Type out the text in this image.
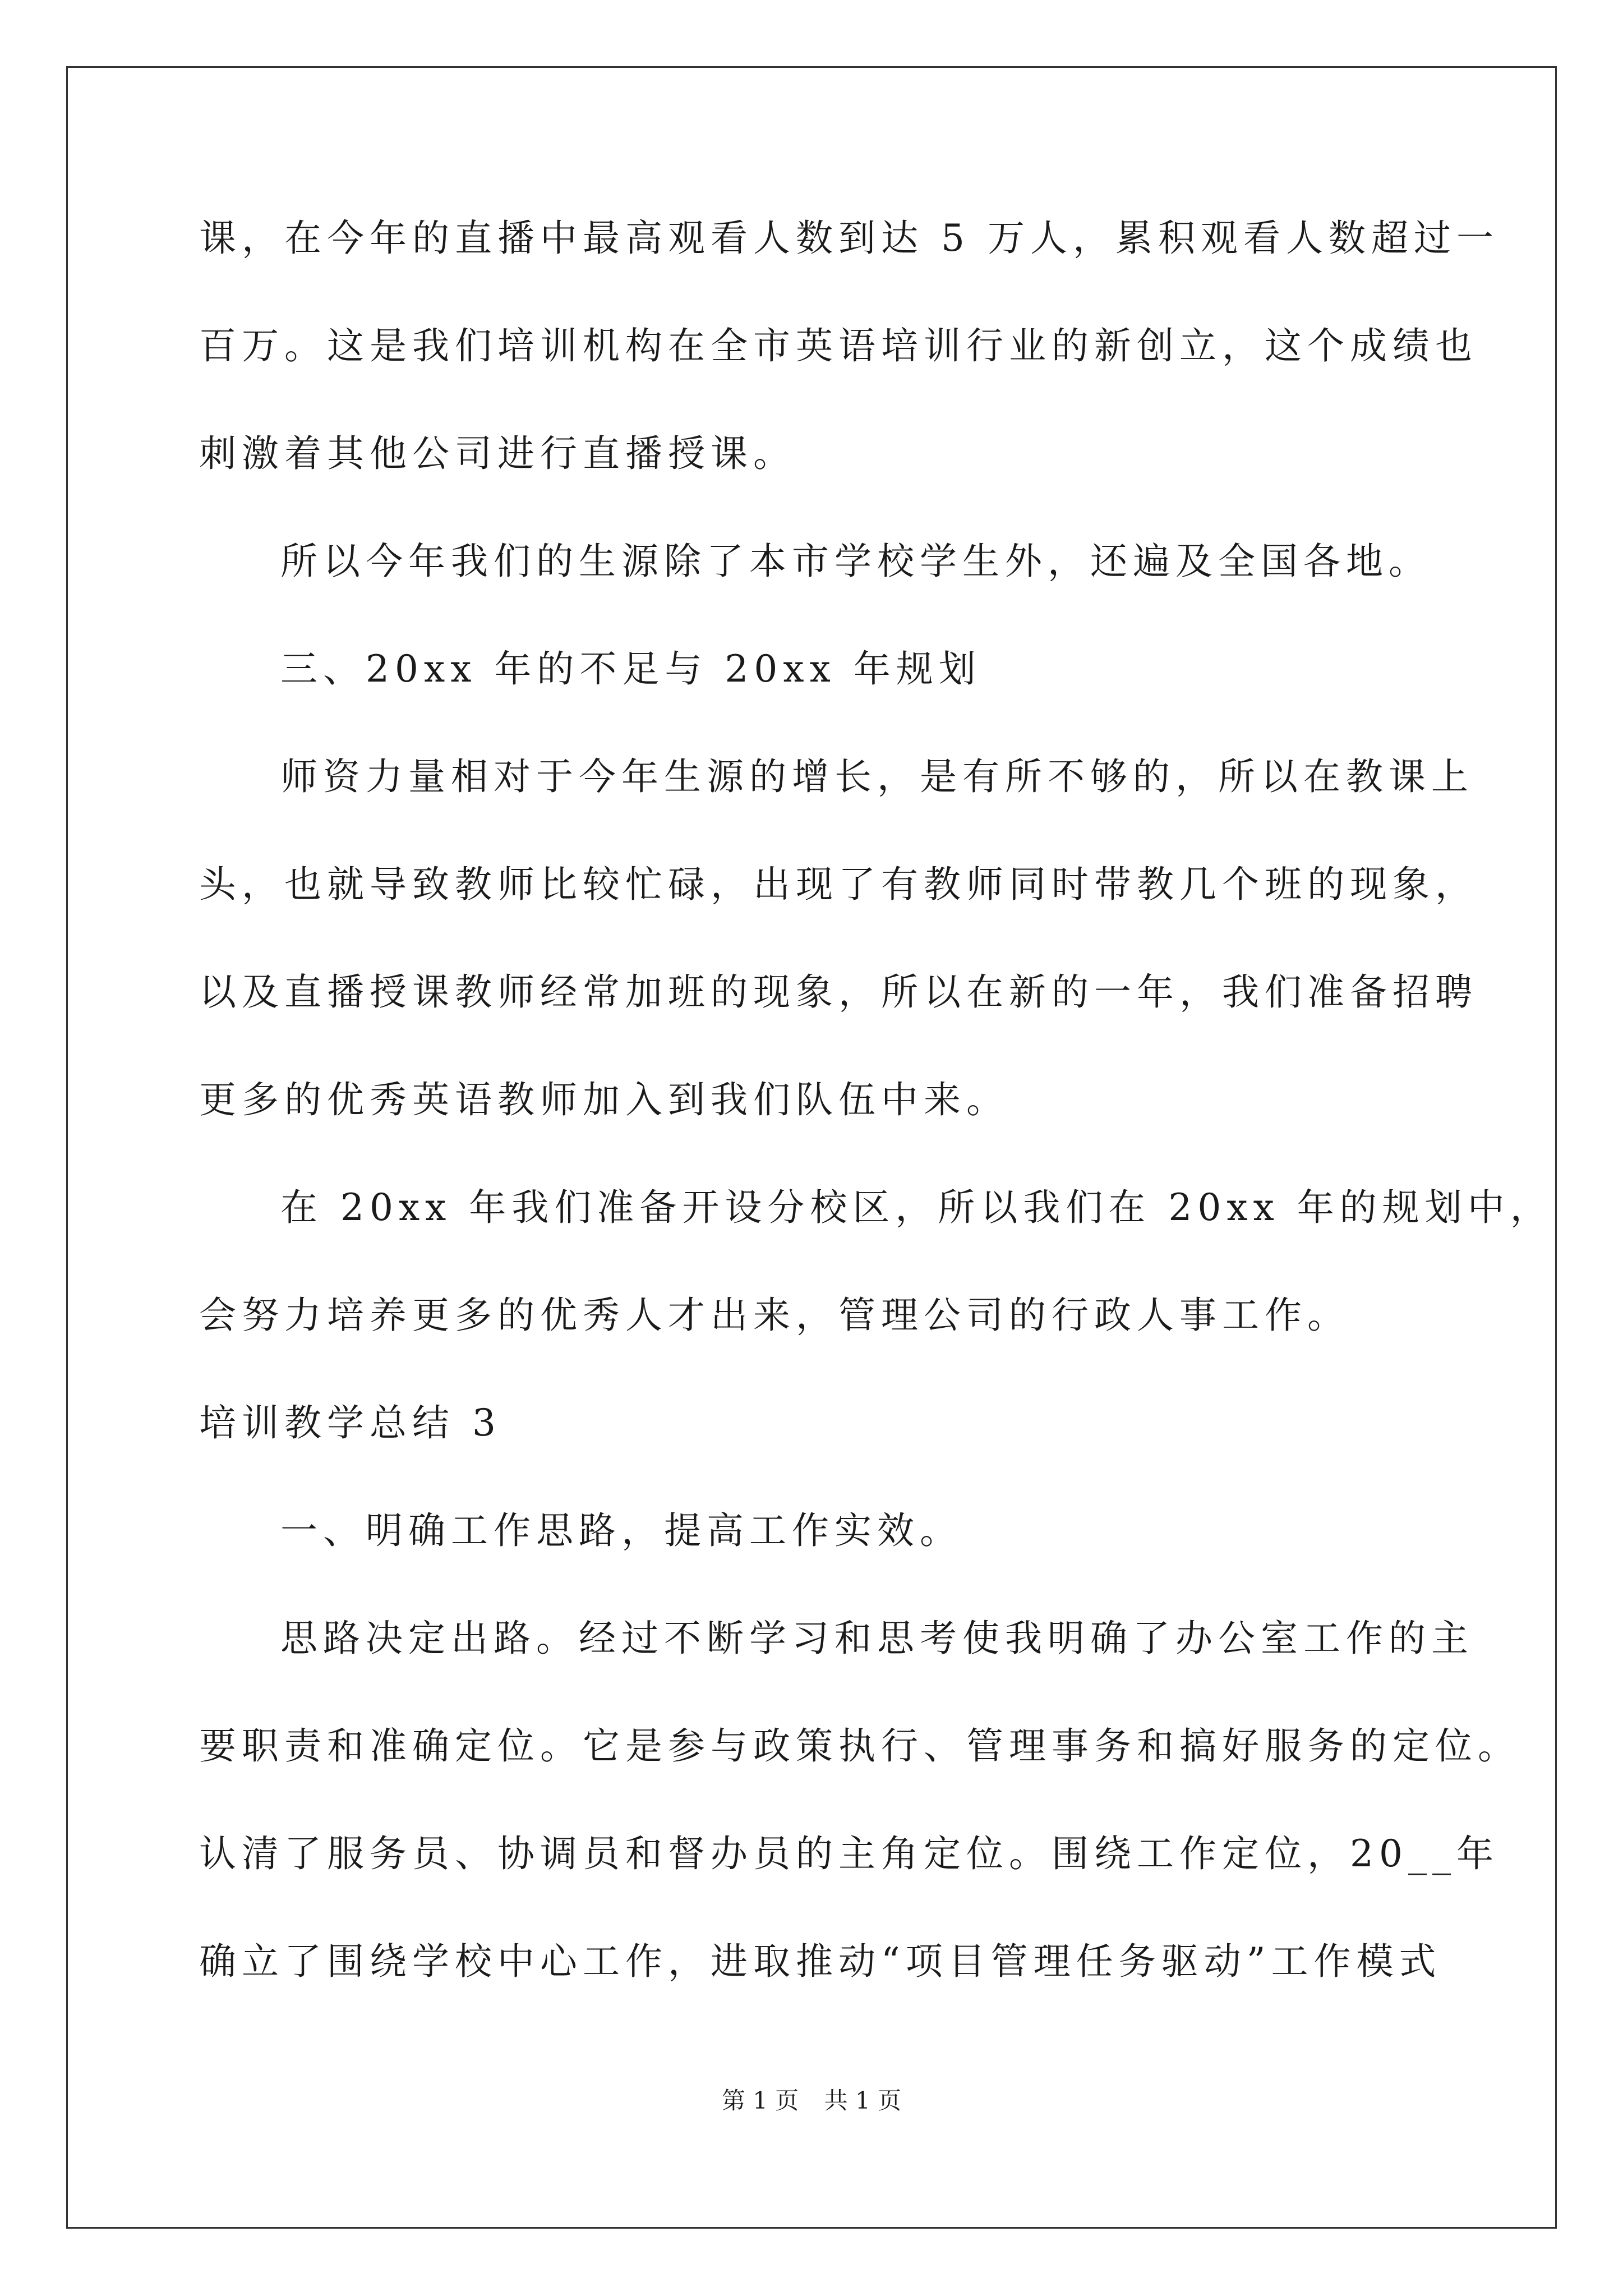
课，在今年的直播中最高观看人数到达 5 万人，累积观看人数超过一
百万。这是我们培训机构在全市英语培训行业的新创立，这个成绩也
刺激着其他公司进行直播授课。
所以今年我们的生源除了本市学校学生外，还遍及全国各地。
三、20xx 年的不足与 20xx 年规划
师资力量相对于今年生源的增长，是有所不够的，所以在教课上
头，也就导致教师比较忙碌，出现了有教师同时带教几个班的现象，
以及直播授课教师经常加班的现象，所以在新的一年，我们准备招聘
更多的优秀英语教师加入到我们队伍中来。
在 20xx 年我们准备开设分校区，所以我们在 20xx 年的规划中，
会努力培养更多的优秀人才出来，管理公司的行政人事工作。
培训教学总结 3
一、明确工作思路，提高工作实效。
思路决定出路。经过不断学习和思考使我明确了办公室工作的主
要职责和准确定位。它是参与政策执行、管理事务和搞好服务的定位。
认清了服务员、协调员和督办员的主角定位。围绕工作定位，20__年
确立了围绕学校中心工作，进取推动“项目管理任务驱动”工作模式
第 1 页 共 1 页
